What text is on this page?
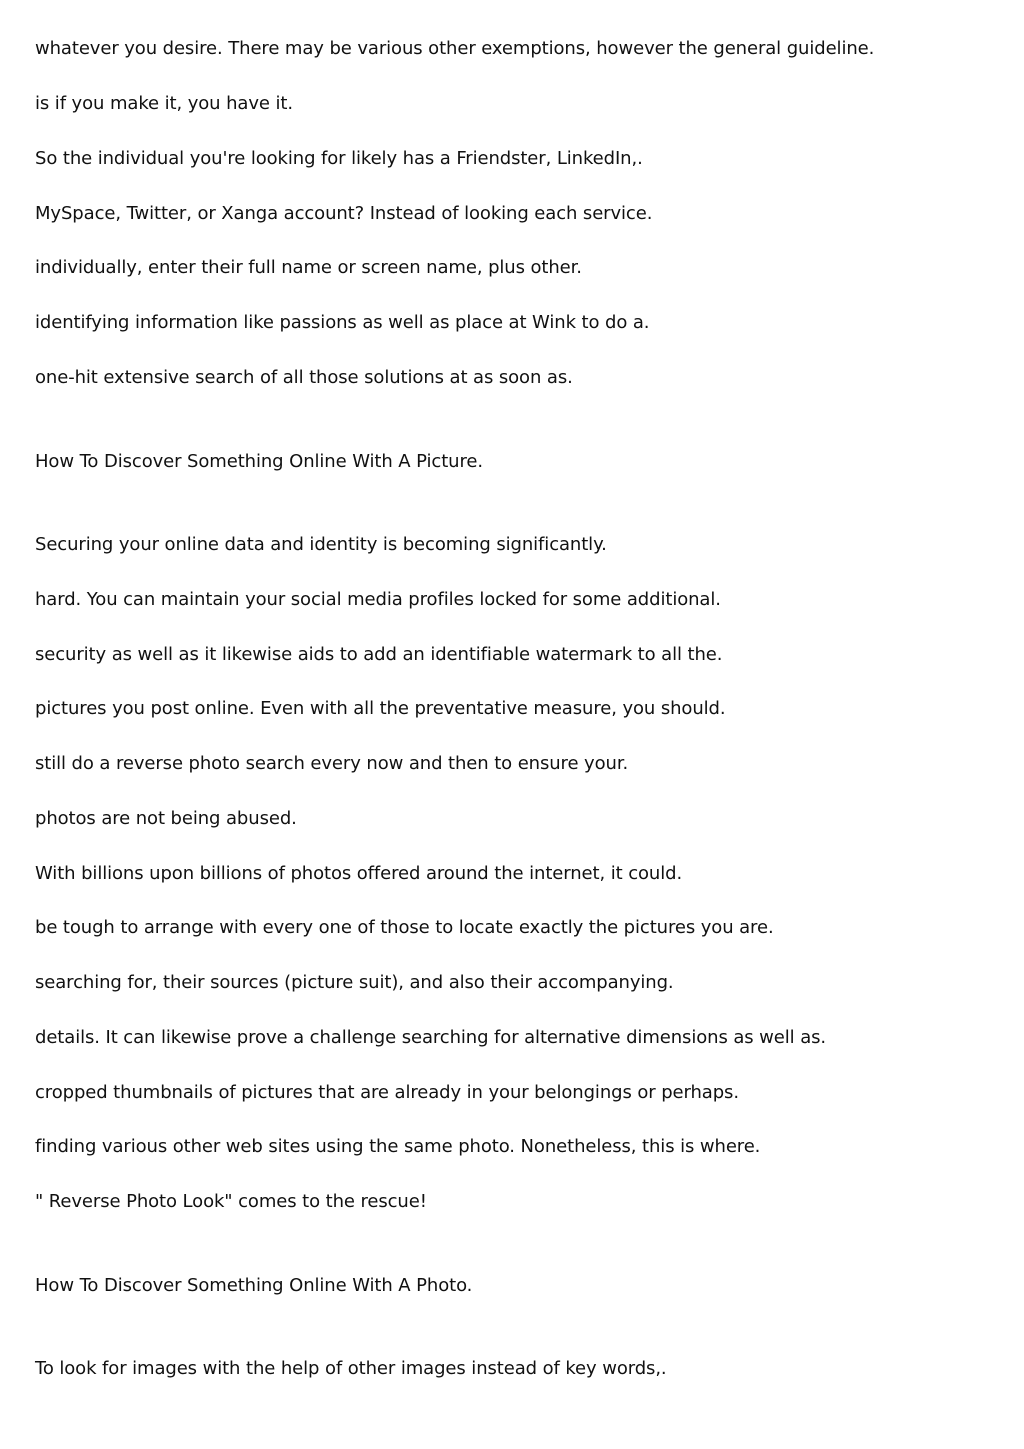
whatever you desire. There may be various other exemptions, however the general guideline.

is if you make it, you have it.

So the individual you're looking for likely has a Friendster, LinkedIn,.

MySpace, Twitter, or Xanga account? Instead of looking each service.

individually, enter their full name or screen name, plus other.

identifying information like passions as well as place at Wink to do a.

one-hit extensive search of all those solutions at as soon as.

How To Discover Something Online With A Picture.

Securing your online data and identity is becoming significantly.

hard. You can maintain your social media profiles locked for some additional.

security as well as it likewise aids to add an identifiable watermark to all the.

pictures you post online. Even with all the preventative measure, you should.

still do a reverse photo search every now and then to ensure your.

photos are not being abused.

With billions upon billions of photos offered around the internet, it could.

be tough to arrange with every one of those to locate exactly the pictures you are.

searching for, their sources (picture suit), and also their accompanying.

details. It can likewise prove a challenge searching for alternative dimensions as well as.

cropped thumbnails of pictures that are already in your belongings or perhaps.

finding various other web sites using the same photo. Nonetheless, this is where.

" Reverse Photo Look" comes to the rescue!

How To Discover Something Online With A Photo.

To look for images with the help of other images instead of key words,.
